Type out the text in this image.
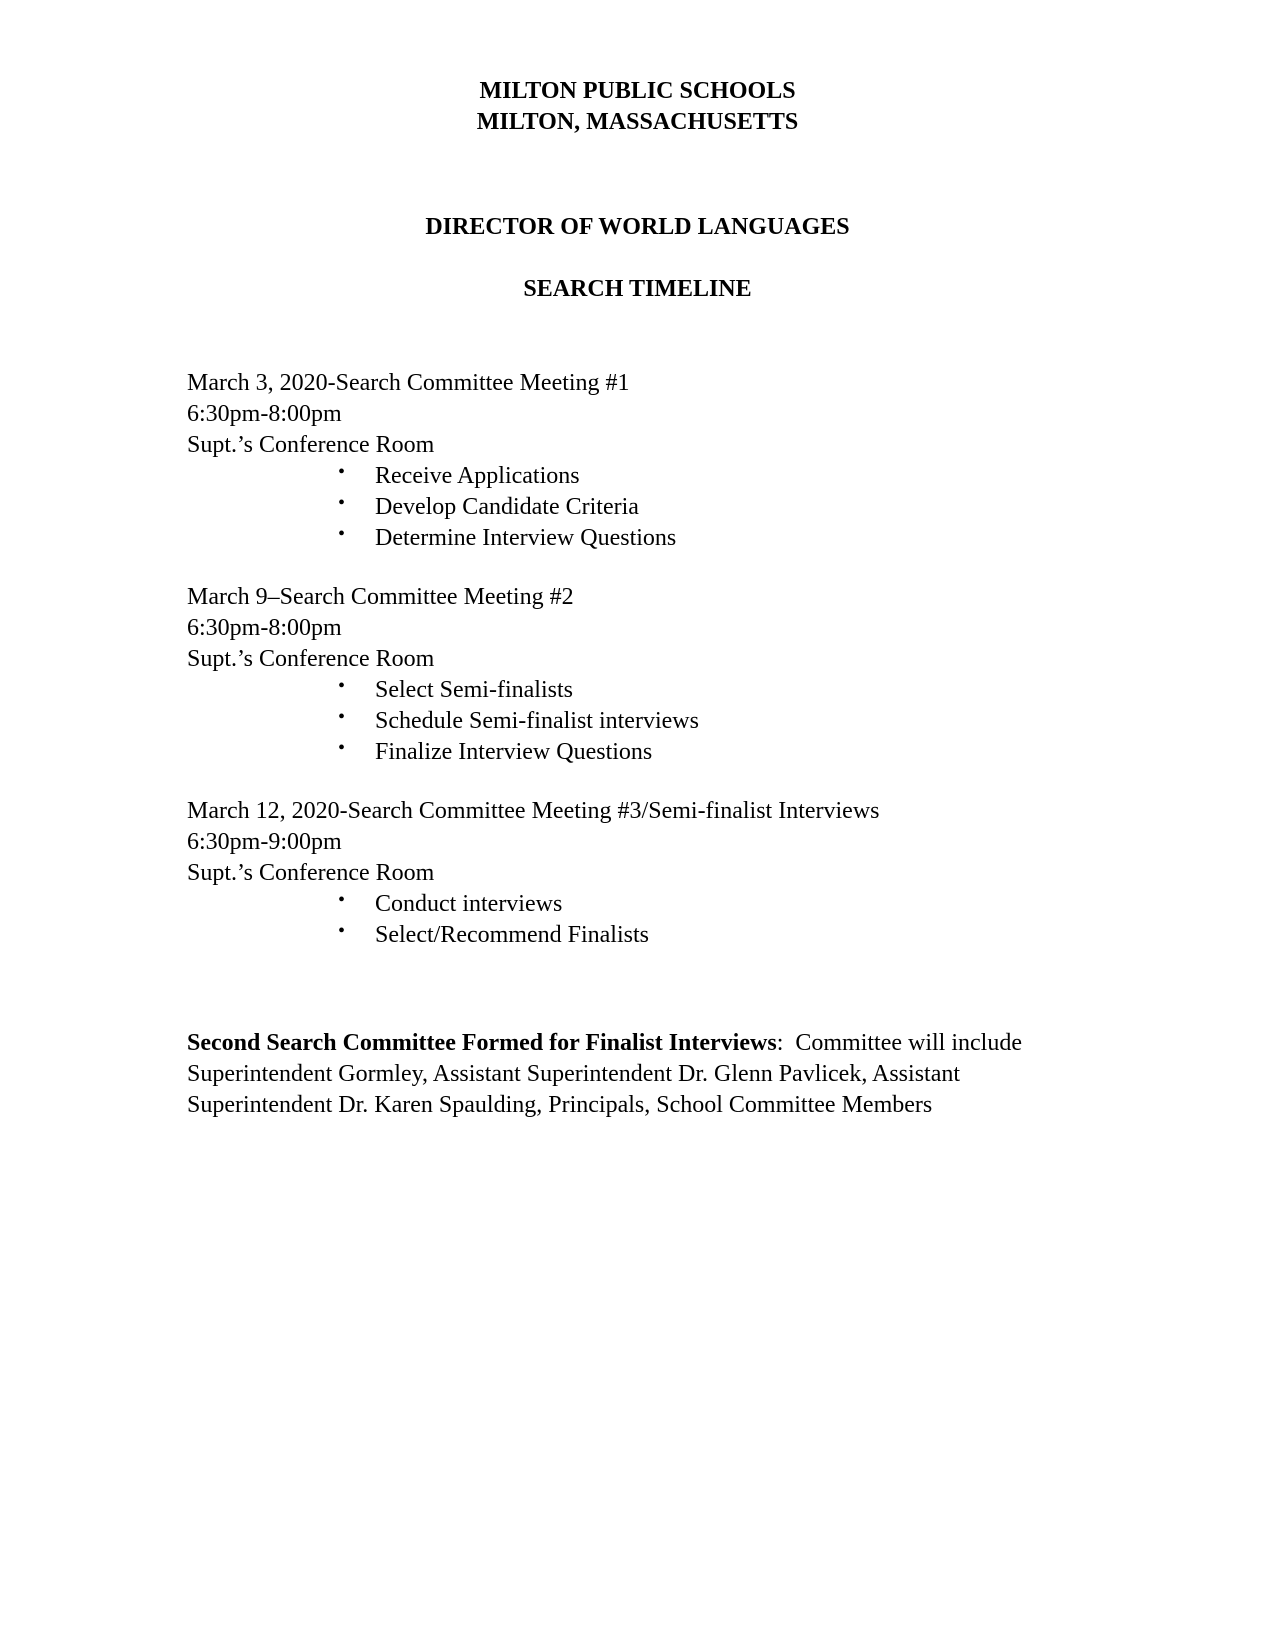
MILTON PUBLIC SCHOOLS
MILTON, MASSACHUSETTS
DIRECTOR OF WORLD LANGUAGES
SEARCH TIMELINE
March 3, 2020-Search Committee Meeting #1
6:30pm-8:00pm
Supt.’s Conference Room
• Receive Applications
• Develop Candidate Criteria
• Determine Interview Questions
March 9–Search Committee Meeting #2
6:30pm-8:00pm
Supt.’s Conference Room
• Select Semi-finalists
• Schedule Semi-finalist interviews
• Finalize Interview Questions
March 12, 2020-Search Committee Meeting #3/Semi-finalist Interviews
6:30pm-9:00pm
Supt.’s Conference Room
• Conduct interviews
• Select/Recommend Finalists
Second Search Committee Formed for Finalist Interviews: Committee will include
Superintendent Gormley, Assistant Superintendent Dr. Glenn Pavlicek, Assistant
Superintendent Dr. Karen Spaulding, Principals, School Committee Members
